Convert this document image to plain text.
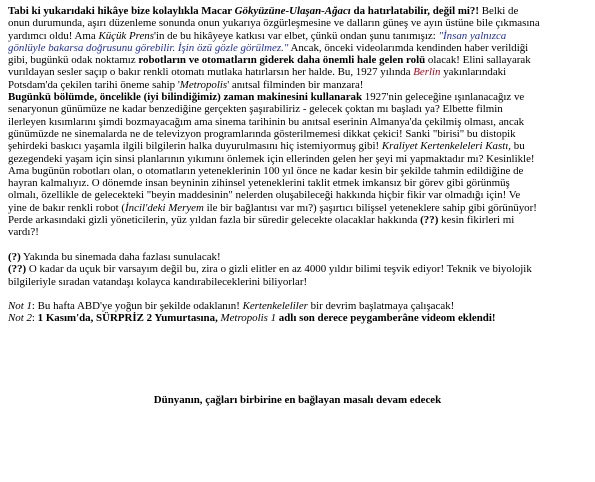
Tabi ki yukarıdaki hikâye bize kolaylıkla Macar Gökyüzüne-Ulaşan-Ağacı da hatırlatabilir, değil mi?! Belki de
onun durumunda, aşırı düzenleme sonunda onun yukarıya özgürleşmesine ve dalların güneş ve ayın üstüne bile çıkmasına
yardımcı oldu! Ama Küçük Prens'in de bu hikâyeye katkısı var elbet, çünkü ondan şunu tanımışız: "İnsan yalnızca
gönlüyle bakarsa doğrusunu görebilir. İşin özü gözle görülmez." Ancak, önceki videolarımda kendinden haber verildiği
gibi, bugünkü odak noktamız robotların ve otomatların giderek daha önemli hale gelen rolü olacak! Elini sallayarak
vurıldayan sesler saçıp o bakır renkli otomatı mutlaka hatırlarsın her halde. Bu, 1927 yılında Berlin yakınlarındaki
Potsdam'da çekilen tarihi öneme sahip 'Metropolis' anıtsal filminden bir manzara!
Bugünkü bölümde, öncelikle (iyi bilindiğimiz) zaman makinesini kullanarak 1927'nin geleceğine ışınlanacağız ve
senaryonun günümüze ne kadar benzediğine gerçekten şaşırabiliriz - gelecek çoktan mı başladı ya? Elbette filmin
ilerleyen kısımlarını şimdi bozmayacağım ama sinema tarihinin bu anıtsal eserinin Almanya'da çekilmiş olması, ancak
günümüzde ne sinemalarda ne de televizyon programlarında gösterilmemesi dikkat çekici! Sanki "birisi" bu distopik
şehirdeki baskıcı yaşamla ilgili bilgilerin halka duyurulmasını hiç istemiyormuş gibi! Kraliyet Kertenkeleleri Kastı, bu
gezegendeki yaşam için sinsi planlarının yıkımını önlemek için ellerinden gelen her şeyi mi yapmaktadır mı? Kesinlikle!
Ama bugünün robotları olan, o otomatların yeteneklerinin 100 yıl önce ne kadar kesin bir şekilde tahmin edildiğine de
hayran kalmalıyız. O dönemde insan beyninin zihinsel yeteneklerini taklit etmek imkansız bir görev gibi görünmüş
olmalı, özellikle de gelecekteki "beyin maddesinin" nelerden oluşabileceği hakkında hiçbir fikir var olmadığı için! Ve
yine de bakır renkli robot (İncil'deki Meryem ile bir bağlantısı var mı?) şaşırtıcı bilişsel yeteneklere sahip gibi görünüyor!
Perde arkasındaki gizli yöneticilerin, yüz yıldan fazla bir süredir gelecekte olacaklar hakkında (??) kesin fikirleri mi
vardı?!
(?) Yakında bu sinemada daha fazlası sunulacak!
(??) O kadar da uçuk bir varsayım değil bu, zira o gizli elitler en az 4000 yıldır bilimi teşvik ediyor! Teknik ve biyolojik
bilgileriyle sıradan vatandaşı kolayca kandırabileceklerini biliyorlar!
Not 1: Bu hafta ABD'ye yoğun bir şekilde odaklanın! Kertenkeleliler bir devrim başlatmaya çalışacak!
Not 2: 1 Kasım'da, SÜRPRİZ 2 Yumurtasına, Metropolis 1 adlı son derece peygamberâne videom eklendi!
Dünyanın, çağları birbirine en bağlayan masalı devam edecek
